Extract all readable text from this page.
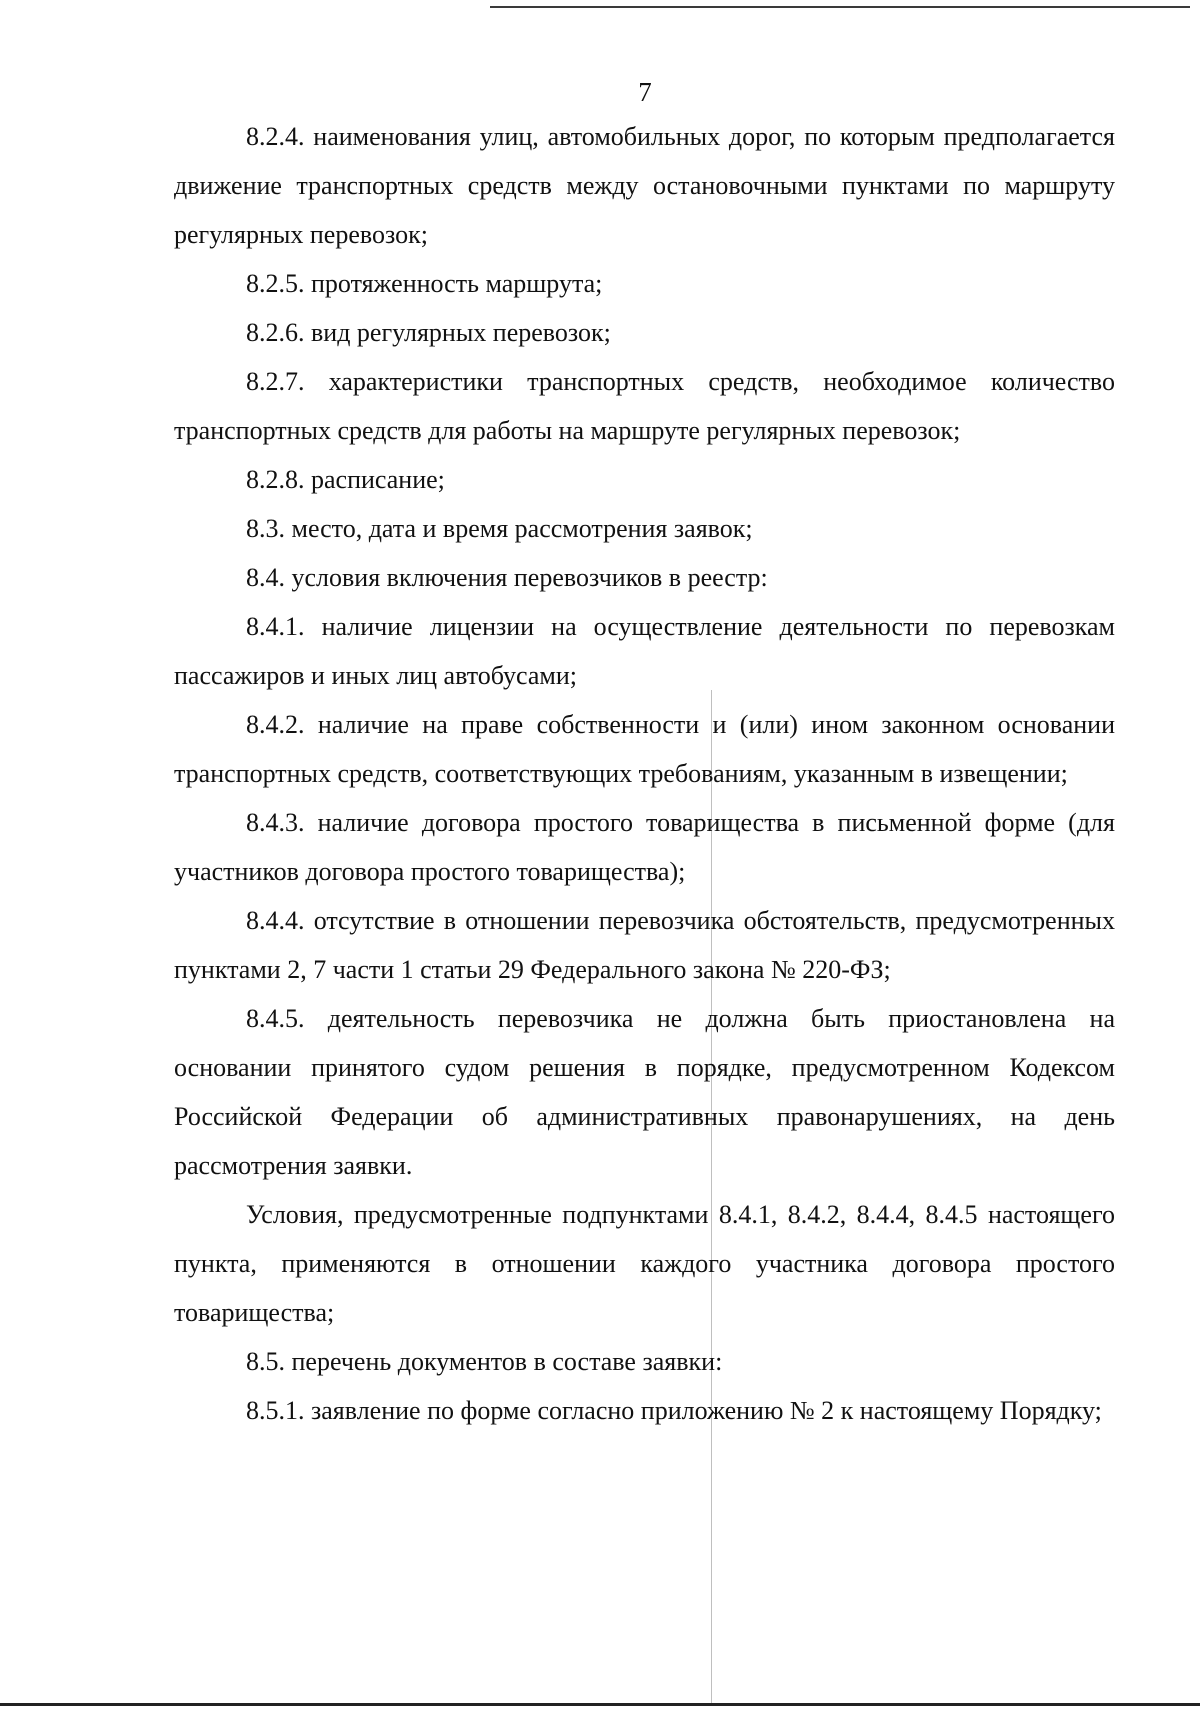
7

8.2.4. наименования улиц, автомобильных дорог, по которым предполагается движение транспортных средств между остановочными пунктами по маршруту регулярных перевозок;

8.2.5. протяженность маршрута;

8.2.6. вид регулярных перевозок;

8.2.7. характеристики транспортных средств, необходимое количество транспортных средств для работы на маршруте регулярных перевозок;

8.2.8. расписание;

8.3. место, дата и время рассмотрения заявок;

8.4. условия включения перевозчиков в реестр:

8.4.1. наличие лицензии на осуществление деятельности по перевозкам пассажиров и иных лиц автобусами;

8.4.2. наличие на праве собственности и (или) ином законном основании транспортных средств, соответствующих требованиям, указанным в извещении;

8.4.3. наличие договора простого товарищества в письменной форме (для участников договора простого товарищества);

8.4.4. отсутствие в отношении перевозчика обстоятельств, предусмотренных пунктами 2, 7 части 1 статьи 29 Федерального закона № 220-ФЗ;

8.4.5. деятельность перевозчика не должна быть приостановлена на основании принятого судом решения в порядке, предусмотренном Кодексом Российской Федерации об административных правонарушениях, на день рассмотрения заявки.

Условия, предусмотренные подпунктами 8.4.1, 8.4.2, 8.4.4, 8.4.5 настоящего пункта, применяются в отношении каждого участника договора простого товарищества;

8.5. перечень документов в составе заявки:

8.5.1. заявление по форме согласно приложению № 2 к настоящему Порядку;
